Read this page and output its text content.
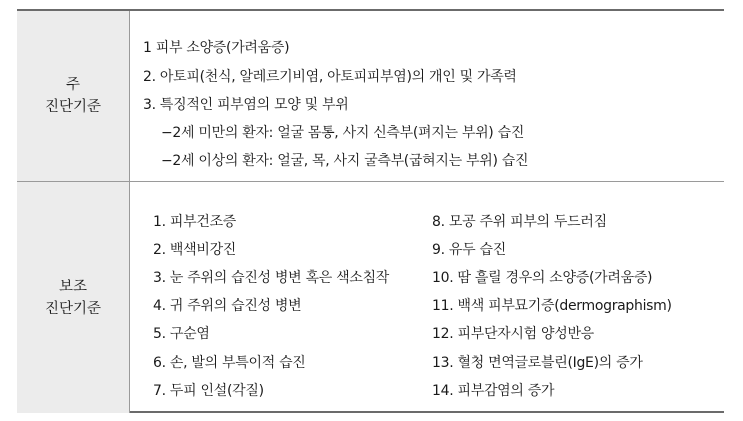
주
진단기준
1 피부 소양증(가려움증)
2. 아토피(천식, 알레르기비염, 아토피피부염)의 개인 및 가족력
3. 특징적인 피부염의 모양 및 부위
−2세 미만의 환자: 얼굴 몸통, 사지 신측부(펴지는 부위) 습진
−2세 이상의 환자: 얼굴, 목, 사지 굴측부(굽혀지는 부위) 습진
보조
진단기준
1. 피부건조증
2. 백색비강진
3. 눈 주위의 습진성 병변 혹은 색소침작
4. 귀 주위의 습진성 병변
5. 구순염
6. 손, 발의 부특이적 습진
7. 두피 인설(각질)
8. 모공 주위 피부의 두드러짐
9. 유두 습진
10. 땀 흘릴 경우의 소양증(가려움증)
11. 백색 피부묘기증(dermographism)
12. 피부단자시험 양성반응
13. 혈청 면역글로블린(IgE)의 증가
14. 피부감염의 증가
